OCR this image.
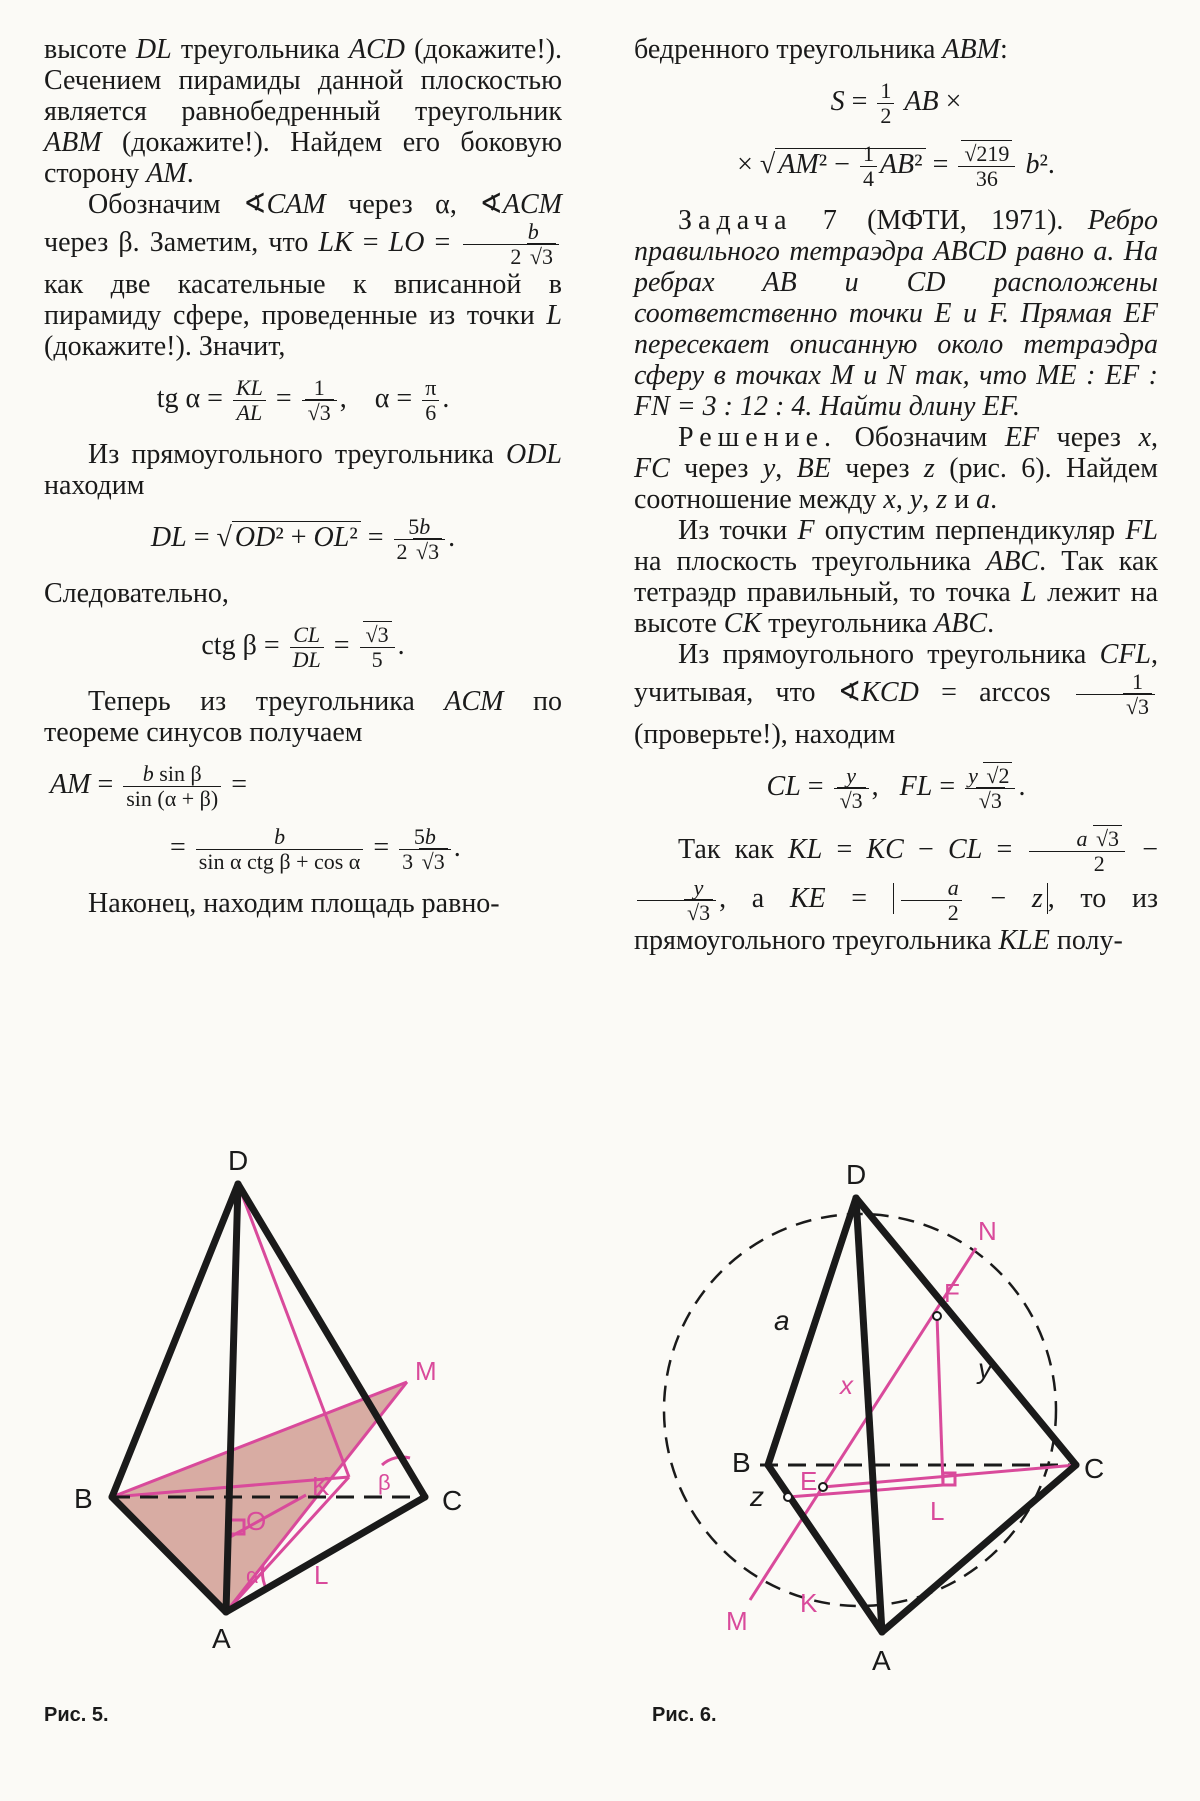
высоте DL треугольника ACD (докажите!). Сечением пирамиды данной плоскостью является равнобедренный треугольник ABM (докажите!). Найдем его боковую сторону AM.

Обозначим ∢CAM через α, ∢ACM через β. Заметим, что LK = LO = $\frac{b}{2 √3}$
как две касательные к вписанной в пирамиду сфере, проведенные из точки L (докажите!). Значит,

tg $\alpha = \frac{KL}{AL} = \frac{1}{√3}$ ,    $\alpha = \frac{\pi}{6}$ .

Из прямоугольного треугольника ODL находим

DL = √ $OD^2 + OL^2 = \frac{5b}{2 √3}$ .

Следовательно,

ctg $\beta = \frac{CL}{DL} = \frac{√3}{5}$ .

Теперь из треугольника ACM по теореме синусов получаем

AM = $\frac{\text{b sin β}}{\sin (\alpha + \beta)}$ =
= $\frac{b}{\text{sin α ctg β + cos α}} = \frac{5b}{3 √3}$ .

Наконец, находим площадь равно-

бедренного треугольника ABM:

$S = \frac{1}{2}$ AB ×
× √ $AM^2 - \frac{1}{4} AB^2 = \frac{√219}{36} b^2$.

Задача 7 (МФТИ, 1971). Ребро правильного тетраэдра ABCD равно a. На ребрах AB и CD расположены соответственно точки E и F. Прямая EF пересекает описанную около тетраэдра сферу в точках M и N так, что ME : EF : FN = 3 : 12 : 4. Найти длину EF.

Решение. Обозначим EF через x, FC через y, BE через z (рис. 6). Найдем соотношение между x, y, z и a.

Из точки F опустим перпендикуляр FL на плоскость треугольника ABC. Так как тетраэдр правильный, то точка L лежит на высоте CK треугольника ABC.

Из прямоугольного треугольника CFL, учитывая, что ∢KCD = $\arccos \frac{1}{√3}$
(проверьте!), находим

CL = $\frac{y}{√3}$ ,   FL = $\frac{y √2}{√3}$ .

Так как KL = KC − CL = $\frac{a √3}{2}$ −
$\frac{y}{√3}$ , а KE = $\frac{a}{2} - z$ , то из прямоугольного треугольника KLE полу-

D
B	C
A
M
K β
O
α L
Рис. 5.
D
a
y
B	C
z
A
N
F
x
E
L
M
K
Рис. 6.
